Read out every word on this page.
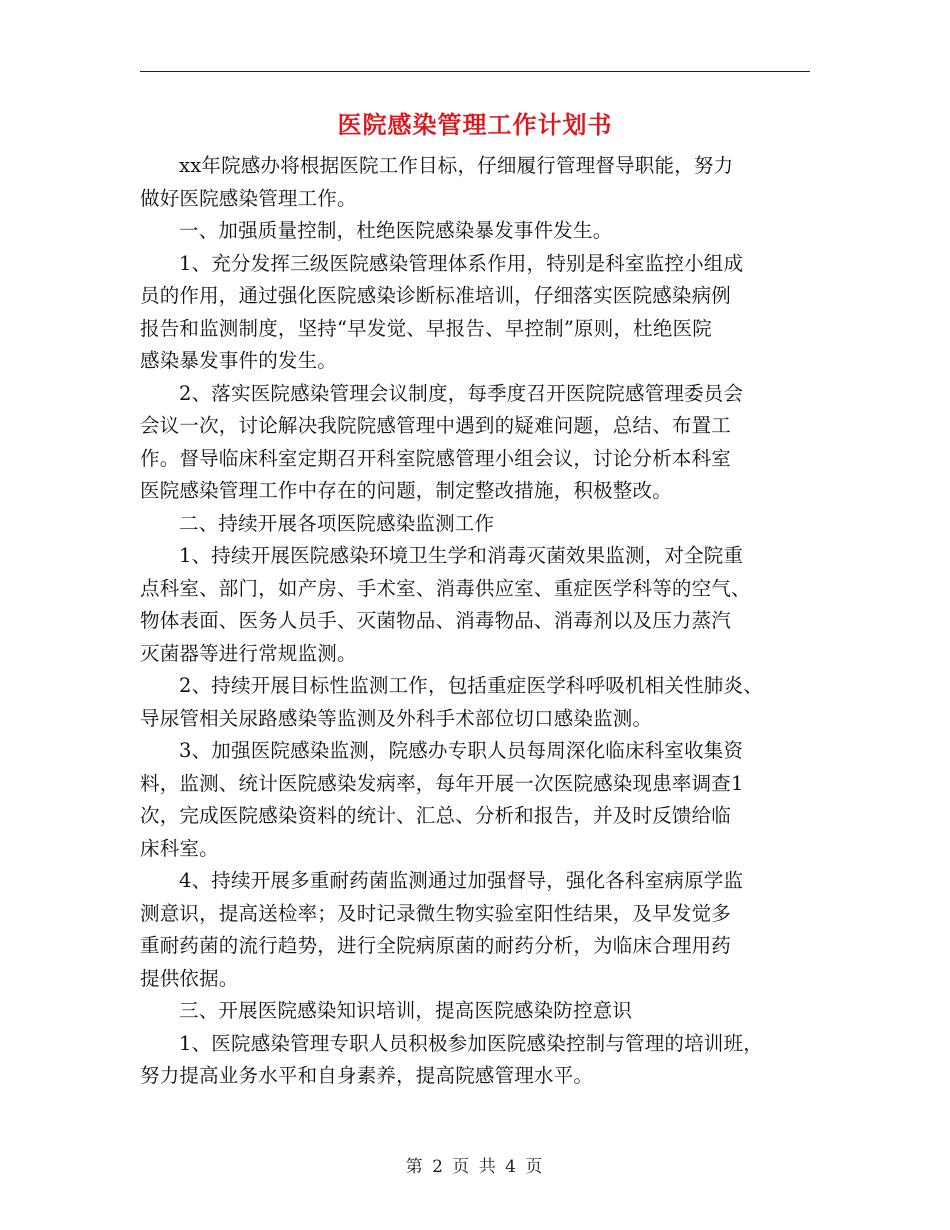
医院感染管理工作计划书

xx年院感办将根据医院工作目标，仔细履行管理督导职能，努力
做好医院感染管理工作。

一、加强质量控制，杜绝医院感染暴发事件发生。

1、充分发挥三级医院感染管理体系作用，特别是科室监控小组成
员的作用，通过强化医院感染诊断标准培训，仔细落实医院感染病例
报告和监测制度，坚持“早发觉、早报告、早控制”原则，杜绝医院
感染暴发事件的发生。

2、落实医院感染管理会议制度，每季度召开医院院感管理委员会
会议一次，讨论解决我院院感管理中遇到的疑难问题，总结、布置工
作。督导临床科室定期召开科室院感管理小组会议，讨论分析本科室
医院感染管理工作中存在的问题，制定整改措施，积极整改。

二、持续开展各项医院感染监测工作

1、持续开展医院感染环境卫生学和消毒灭菌效果监测，对全院重
点科室、部门，如产房、手术室、消毒供应室、重症医学科等的空气、
物体表面、医务人员手、灭菌物品、消毒物品、消毒剂以及压力蒸汽
灭菌器等进行常规监测。

2、持续开展目标性监测工作，包括重症医学科呼吸机相关性肺炎、
导尿管相关尿路感染等监测及外科手术部位切口感染监测。

3、加强医院感染监测，院感办专职人员每周深化临床科室收集资
料，监测、统计医院感染发病率，每年开展一次医院感染现患率调查1
次，完成医院感染资料的统计、汇总、分析和报告，并及时反馈给临
床科室。

4、持续开展多重耐药菌监测通过加强督导，强化各科室病原学监
测意识，提高送检率；及时记录微生物实验室阳性结果，及早发觉多
重耐药菌的流行趋势，进行全院病原菌的耐药分析，为临床合理用药
提供依据。

三、开展医院感染知识培训，提高医院感染防控意识

1、医院感染管理专职人员积极参加医院感染控制与管理的培训班，
努力提高业务水平和自身素养，提高院感管理水平。

第 2 页 共 4 页
